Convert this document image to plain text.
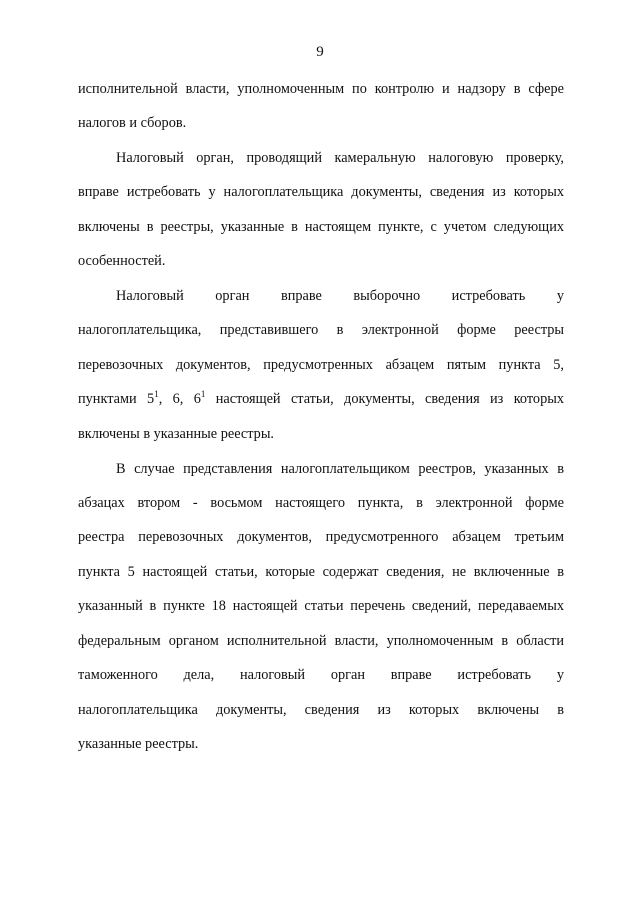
9
исполнительной власти, уполномоченным по контролю и надзору в сфере
налогов и сборов.
Налоговый орган, проводящий камеральную налоговую проверку,
вправе истребовать у налогоплательщика документы, сведения из которых
включены в реестры, указанные в настоящем пункте, с учетом следующих
особенностей.
Налоговый орган вправе выборочно истребовать у
налогоплательщика, представившего в электронной форме реестры
перевозочных документов, предусмотренных абзацем пятым пункта 5,
пунктами $5^1$, 6, $6^1$ настоящей статьи, документы, сведения из которых
включены в указанные реестры.
В случае представления налогоплательщиком реестров, указанных в
абзацах втором - восьмом настоящего пункта, в электронной форме
реестра перевозочных документов, предусмотренного абзацем третьим
пункта 5 настоящей статьи, которые содержат сведения, не включенные в
указанный в пункте 18 настоящей статьи перечень сведений, передаваемых
федеральным органом исполнительной власти, уполномоченным в области
таможенного дела, налоговый орган вправе истребовать у
налогоплательщика документы, сведения из которых включены в
указанные реестры.
